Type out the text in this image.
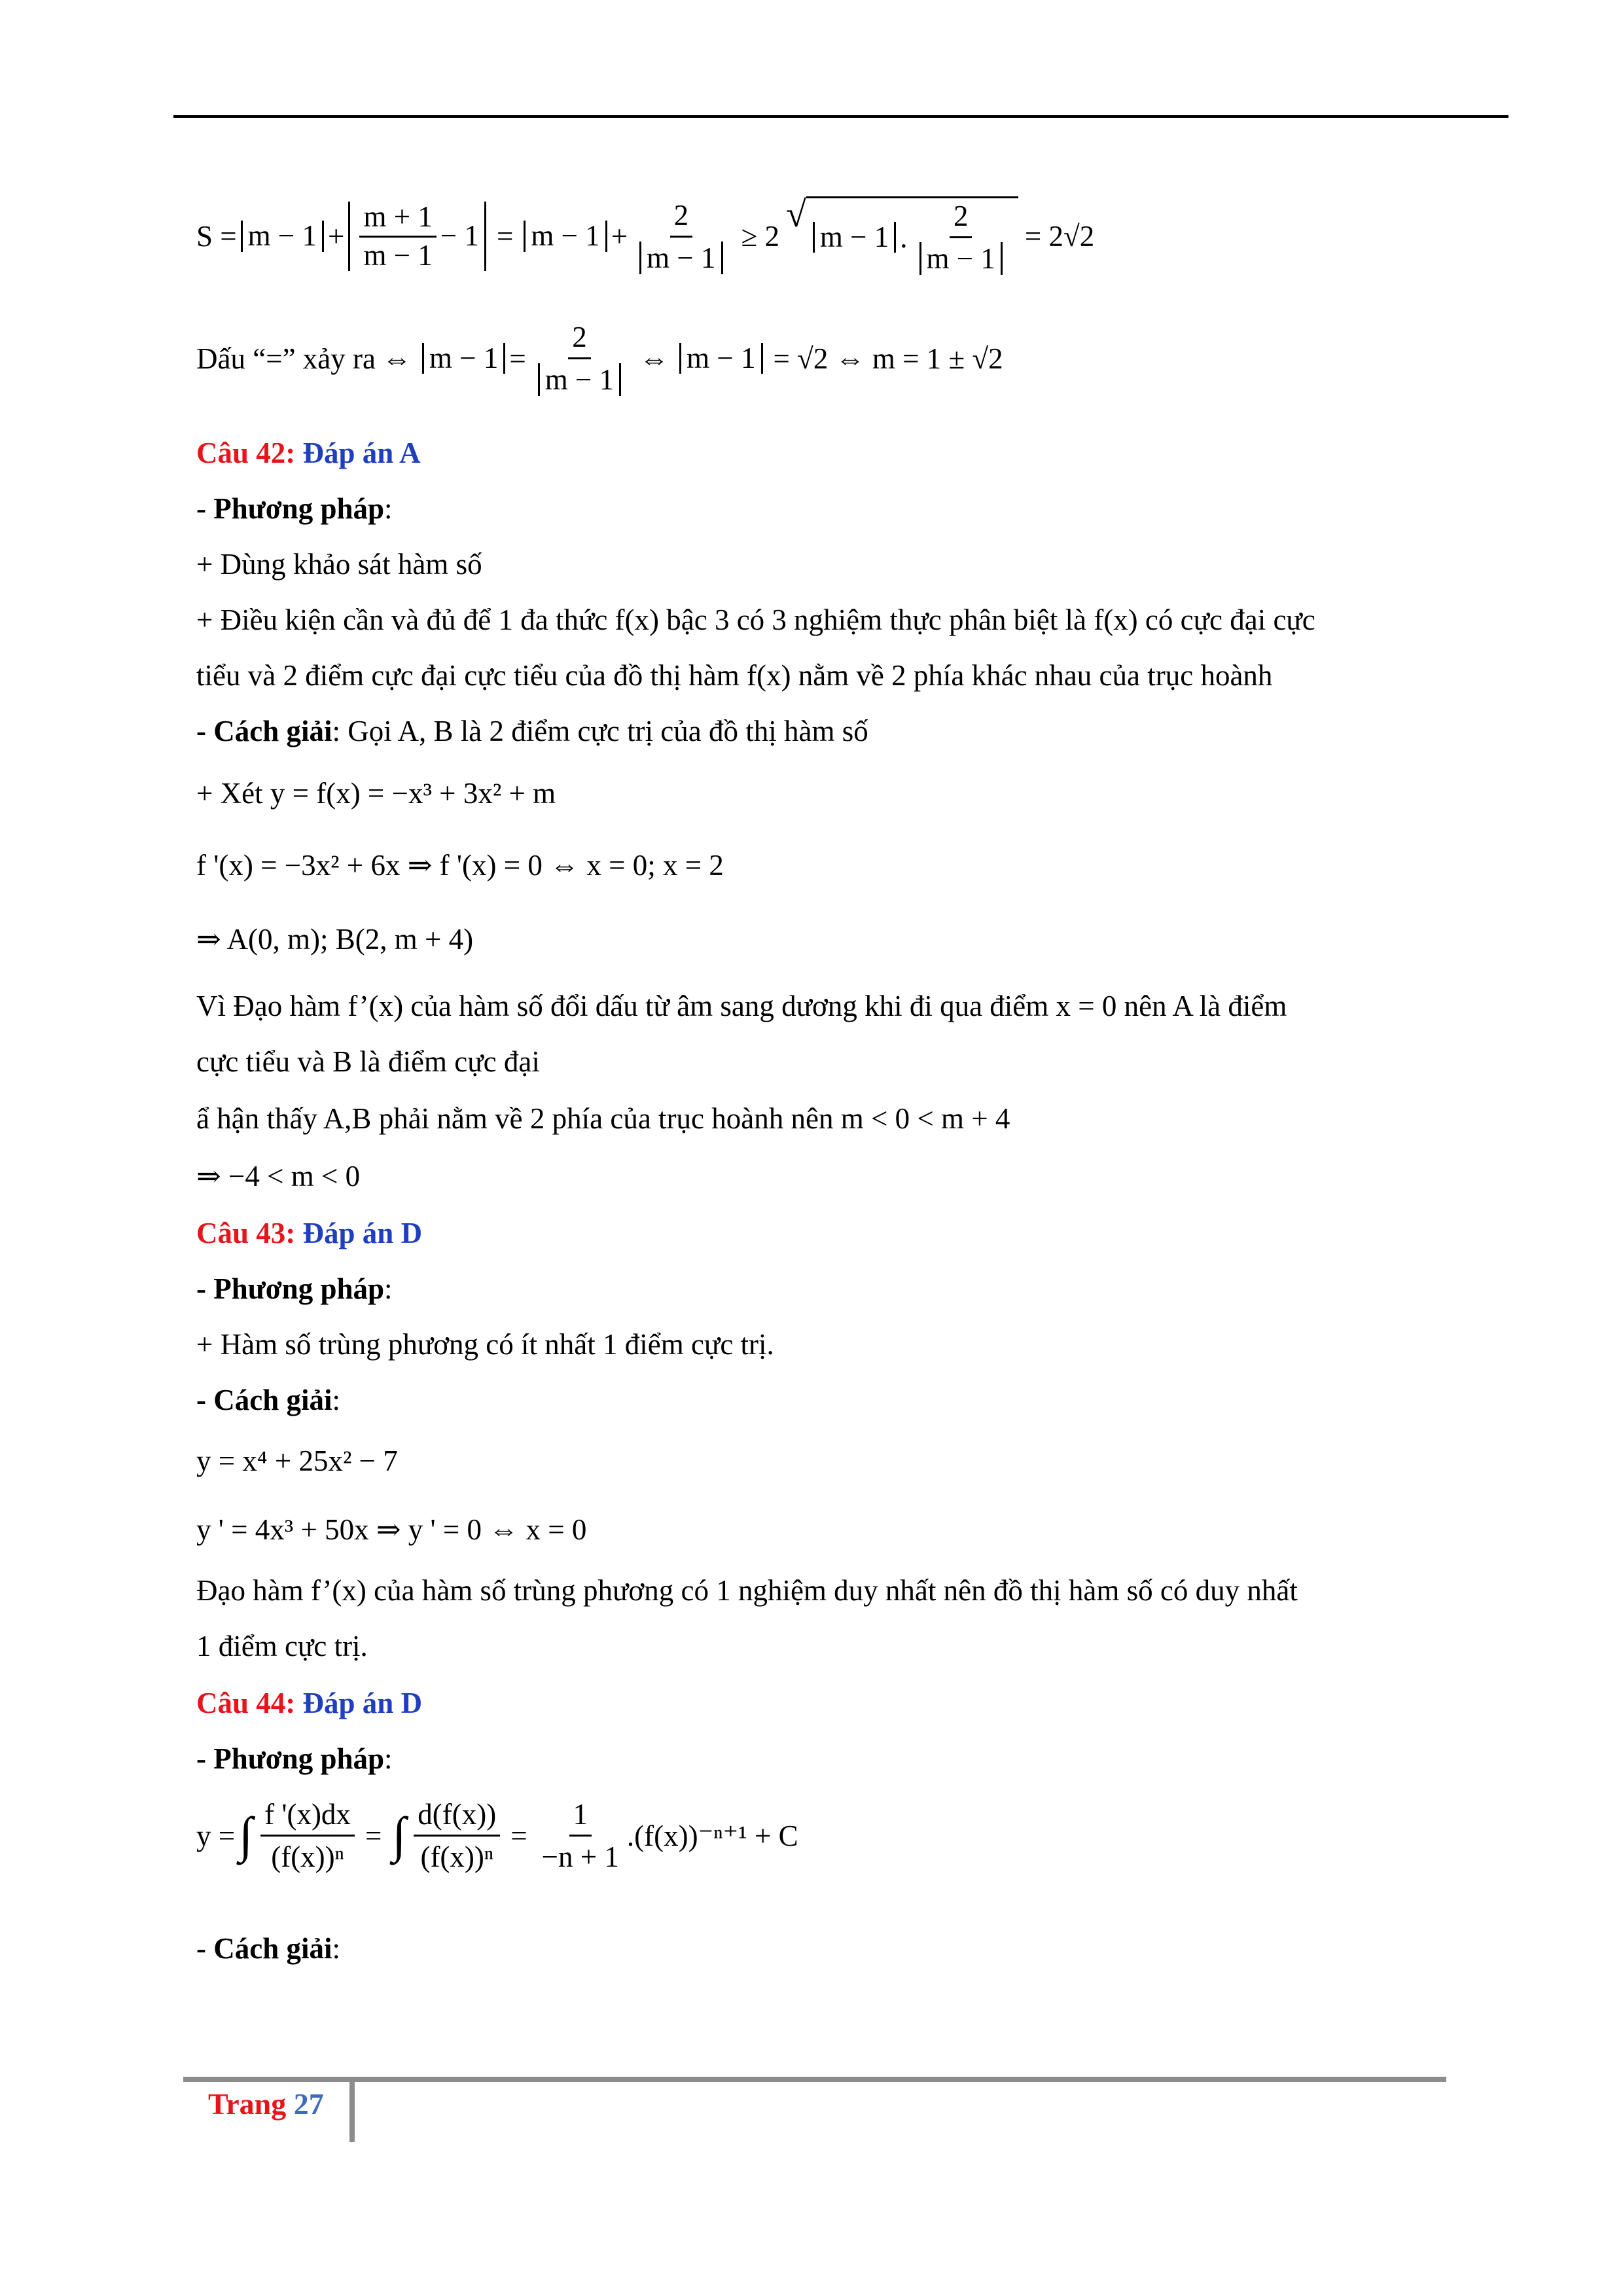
$S = m - 1 + \frac{m + 1}{m - 1} - 1 = m - 1 + \frac{2}{m - 1} \ge 2$
√
m − 1 . $\frac{2}{m - 1} = 2√2$
Dấu “=” xảy ra ⇔ $m - 1 = \frac{2}{m - 1}$ ⇔ m − 1 = √2 ⇔ m = 1 ± √2
Câu 42: Đáp án A
- Phương pháp:
+ Dùng khảo sát hàm số
+ Điều kiện cần và đủ để 1 đa thức f(x) bậc 3 có 3 nghiệm thực phân biệt là f(x) có cực đại cực
tiểu và 2 điểm cực đại cực tiểu của đồ thị hàm f(x) nằm về 2 phía khác nhau của trục hoành
- Cách giải: Gọi A, B là 2 điểm cực trị của đồ thị hàm số
+ Xét y = f(x) = −x³ + 3x² + m
f '(x) = −3x² + 6x ⇒ f '(x) = 0 ⇔ x = 0; x = 2
⇒ A(0, m); B(2, m + 4)
Vì Đạo hàm f’(x) của hàm số đổi dấu từ âm sang dương khi đi qua điểm x = 0 nên A là điểm
cực tiểu và B là điểm cực đại
ẩ hận thấy A,B phải nằm về 2 phía của trục hoành nên m < 0 < m + 4
⇒ −4 < m < 0
Câu 43: Đáp án D
- Phương pháp:
+ Hàm số trùng phương có ít nhất 1 điểm cực trị.
- Cách giải:
y = x⁴ + 25x² − 7
y ' = 4x³ + 50x ⇒ y ' = 0 ⇔ x = 0
Đạo hàm f’(x) của hàm số trùng phương có 1 nghiệm duy nhất nên đồ thị hàm số có duy nhất
1 điểm cực trị.
Câu 44: Đáp án D
- Phương pháp:
y = ∫ $\frac{f '(x)dx}{\text{(f(x))ⁿ}}$ = ∫ $\frac{d(f(x))}{\text{(f(x))ⁿ}} = \frac{1}{-n + 1} .(f(x))^{-n+1} + C$
- Cách giải:
Trang 27
